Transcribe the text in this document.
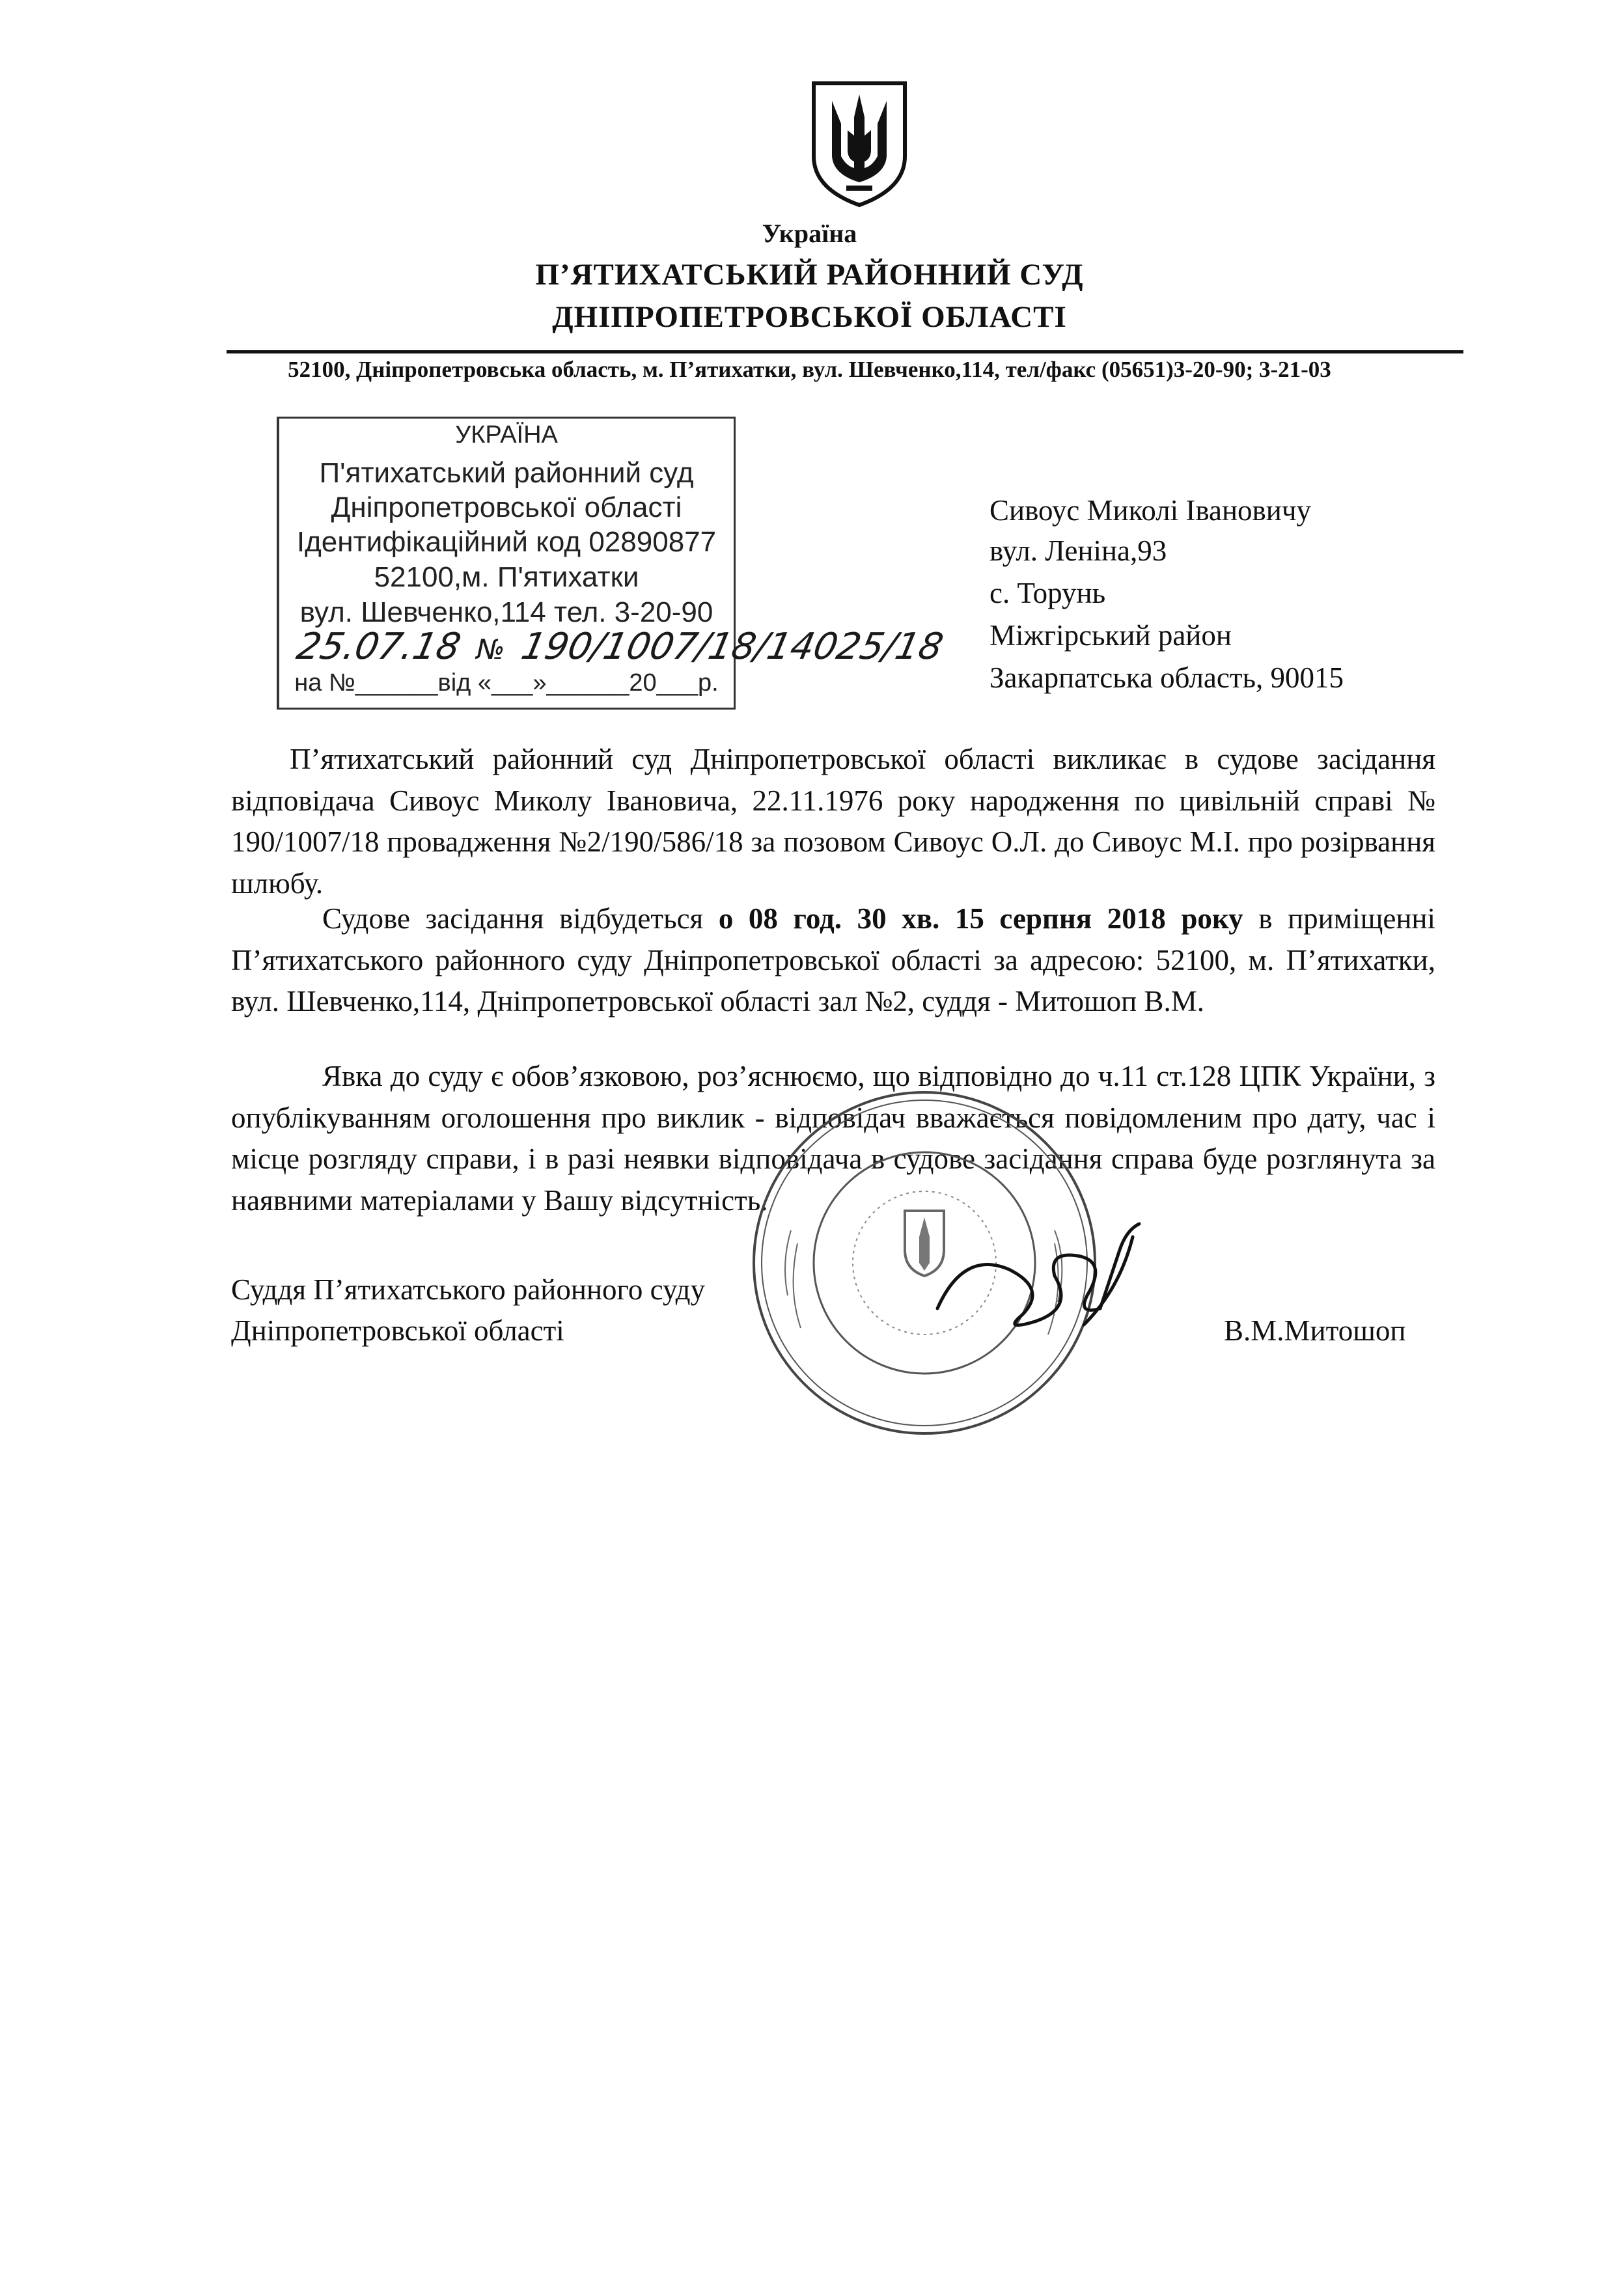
Україна
П’ЯТИХАТСЬКИЙ РАЙОННИЙ СУД
ДНІПРОПЕТРОВСЬКОЇ ОБЛАСТІ
52100, Дніпропетровська область, м. П’ятихатки, вул. Шевченко,114, тел/факс (05651)3-20-90; 3-21-03
УКРАЇНА
П'ятихатський районний суд
Дніпропетровської області
Ідентифікаційний код 02890877
52100,м. П'ятихатки
вул. Шевченко,114 тел. 3-20-90
25.07.18 № 190/1007/18/14025/18
на №______від «___»______20___р.
Сивоус Миколі Івановичу
вул. Леніна,93
с. Торунь
Міжгірський район
Закарпатська область, 90015

П’ятихатський районний суд Дніпропетровської області викликає в судове засідання відповідача Сивоус Миколу Івановича, 22.11.1976 року народження по цивільній справі № 190/1007/18 провадження №2/190/586/18 за позовом Сивоус О.Л. до Сивоус М.І. про розірвання шлюбу.

Судове засідання відбудеться о 08 год. 30 хв. 15 серпня 2018 року в приміщенні П’ятихатського районного суду Дніпропетровської області за адресою: 52100, м. П’ятихатки, вул. Шевченко,114, Дніпропетровської області зал №2, суддя - Митошоп В.М.

Явка до суду є обов’язковою, роз’яснюємо, що відповідно до ч.11 ст.128 ЦПК України, з опублікуванням оголошення про виклик - відповідач вважається повідомленим про дату, час і місце розгляду справи, і в разі неявки відповідача в судове засідання справа буде розглянута за наявними матеріалами у Вашу відсутність.

Суддя П’ятихатського районного суду
Дніпропетровської області	В.М.Митошоп
